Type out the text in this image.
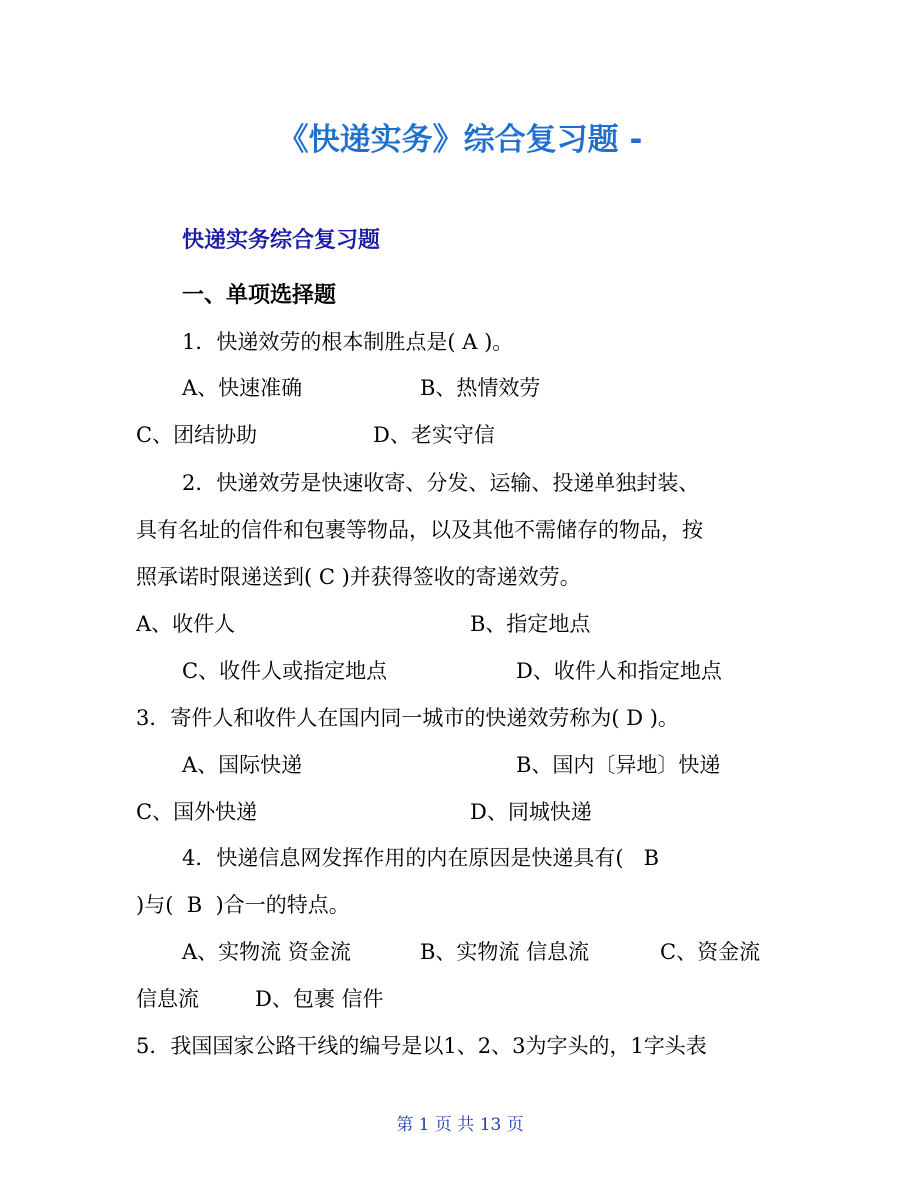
《快递实务》综合复习题 -
快递实务综合复习题
一、单项选择题
1．快递效劳的根本制胜点是( A )。
A、快速准确	B、热情效劳
C、团结协助	D、老实守信
2．快递效劳是快速收寄、分发、运输、投递单独封装、
具有名址的信件和包裹等物品，以及其他不需储存的物品，按
照承诺时限递送到( C )并获得签收的寄递效劳。
A、收件人	B、指定地点
C、收件人或指定地点	D、收件人和指定地点
3．寄件人和收件人在国内同一城市的快递效劳称为( D )。
A、国际快递	B、国内〔异地〕快递
C、国外快递	D、同城快递
4．快递信息网发挥作用的内在原因是快递具有(   B
)与(  B  )合一的特点。
A、实物流 资金流	B、实物流 信息流	C、资金流
信息流	D、包裹 信件
5．我国国家公路干线的编号是以1、2、3为字头的，1字头表
第 1 页 共 13 页
